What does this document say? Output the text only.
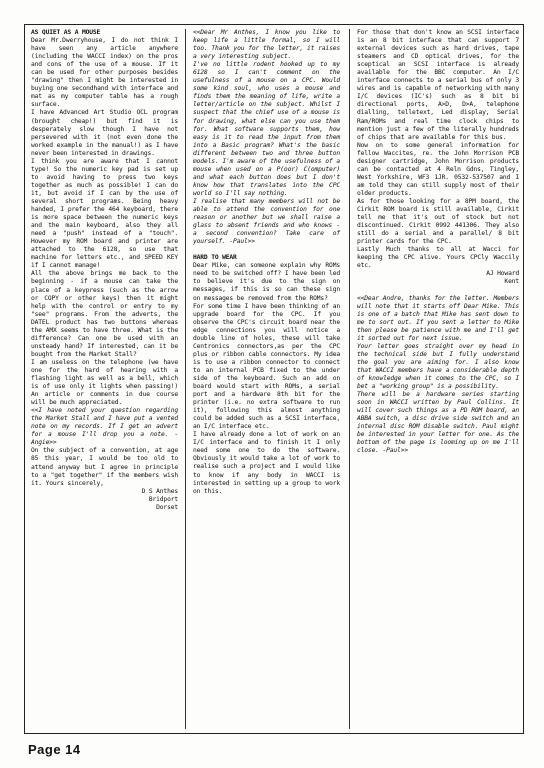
AS QUIET AS A MOUSE

Dear Mr.Dwerryhouse, I do not think I have seen any article anywhere (including the WACCI index) on the pros and cons of the use of a mouse. If it can be used for other purposes besides "drawing" then I might be interested in buying one secondhand with interface and mat as my computer table has a rough surface.

I have Advanced Art Studio OCL program (brought cheap!) but find it is desperately slow though I have not persevered with it (not even done the worked example in the manual!) as I have never been interested in drawings.

I think you are aware that I cannot type! So the numeric key pad is set up to avoid having to press two keys together as much as possible! I can do it, but avoid if I can by the use of several short programs. Being heavy handed, I prefer the 464 keyboard, there is more space between the numeric keys and the main keyboard, also they all need a "push" instead of a "touch". However my ROM board and printer are attached to the 6128, so use that machine for letters etc., and SPEED KEY if I cannot manage!

All the above brings me back to the beginning - if a mouse can take the place of a keypress (such as the arrow or COPY or other keys) then it might help with the control or entry to my "see" programs. From the adverts, the DATEL product has two buttons whereas the AMX seems to have three. What is the difference? Can one be used with an unsteady hand? If interested, can it be bought from the Market Stall?

I am useless on the telephone (we have one for the hard of hearing with a flashing light as well as a bell, which is of use only it lights when passing!) An article or comments in due course will be much appreciated.

<<I have noted your question regarding the Market Stall and I have put a vented note on my records. If I get an advert for a mouse I'll drop you a note. -Angie>>

On the subject of a convention, at age 85 this year, I would be too old to attend anyway but I agree in principle to a "get together" if the members wish it. Yours sincerely,

D S Anthes

Bridport

Dorset

<<Dear Mr Anthes, I know you like to keep life a little formal, so I will too. Thank you for the letter, it raises a very interesting subject.

I've no little rodent hooked up to my 6128 so I can't comment on the usefulness of a mouse on a CPC. Would some kind soul, who uses a mouse and finds them the meaning of life, write a letter/article on the subject. Whilst I suspect that the chief use of a mouse is for drawing, what else can you use them for. What software supports them, how easy is it to read the input from them into a Basic program? What's the basic different between two and three button models. I'm aware of the usefulness of a mouse when used on a P(oor) C(omputer) and what each button does but I don't know how that translates into the CPC world so I'll say nothing.

I realise that many members will not be able to attend the convention for one reason or another but we shall raise a glass to absent friends and who knows - a second convention? Take care of yourself. -Paul>>

HARD TO WEAR

Dear Mike, can someone explain why ROMs need to be switched off? I have been led to believe it's due to the sign on messages, if this is so can these sign on messages be removed from the ROMs?

For some time I have been thinking of an upgrade board for the CPC. If you observe the CPC's circuit board near the edge connections you will notice a double line of holes, these will take Centronics connectors,as per the CPC plus or ribbon cable connectors. My idea is to use a ribbon connector to connect to an internal PCB fixed to the under side of the keyboard. Such an add on board would start with ROMs, a serial port and a hardware 8th bit for the printer (i.e. no extra software to run it), following this almost anything could be added such as a SCSI interface, an I/C interface etc.

I have already done a lot of work on an I/C interface and to finish it I only need some one to do the software. Obviously it would take a lot of work to realise such a project and I would like to know if any body in WACCI is interested in setting up a group to work on this.

For those that don't know an SCSI interface is an 8 bit interface that can support 7 external devices such as hard drives, tape steamers and CD optical drives, for the sceptical an SCSI interface is already available for the BBC computer. An I/C interface connects to a serial bus of only 3 wires and is capable of networking with many I/C devices (IC's) such as 8 bit bi directional ports, A>D, D>A, telephone dialling, telletext, Led display, Serial Ram/ROMs and real time clock chips to mention just a few of the literally hundreds of chips that are available for this bus.

Now on to some general information for fellow Waccites, re. the John Morrison PCB designer cartridge, John Morrison products can be contacted at 4 Reln Gdns, Tingley, West Yorkshire, WF3 1JR. 0532-537507 and I am told they can still supply most of their older products.

As for those looking for a 8PM board, the Cirkit ROM board is still available, Cirkit tell me that it's out of stock but not discontinued. Cirkit 0992 441306. They also still do a serial and a parallel/ 8 bit printer cards for the CPC.

Lastly Much thanks to all at Wacci for keeping the CPC alive. Yours CPCly Waccily etc.

AJ Howard

Kent

<<Dear Andre, thanks for the letter. Members will note that it starts off Dear Mike. This is one of a batch that Mike has sent down to me to sort out. If you sent a letter to Mike then please be patience with me and I'll get it sorted out for next issue.

Your letter goes straight over my head in the technical side but I fully understand the goal you are aiming for. I also know that WACCI members have a considerable depth of knowledge when it comes to the CPC, so I bet a "working group" is a possibility.

There will be a hardware series starting soon in WACCI written by Paul Collins. It will cover such things as a PD ROM board, an ABBA switch, a disc drive side switch and an internal disc ROM disable switch. Paul might be interested in your letter for one. As the bottom of the page is looming up on me I'll close. -Paul>>

Page 14
